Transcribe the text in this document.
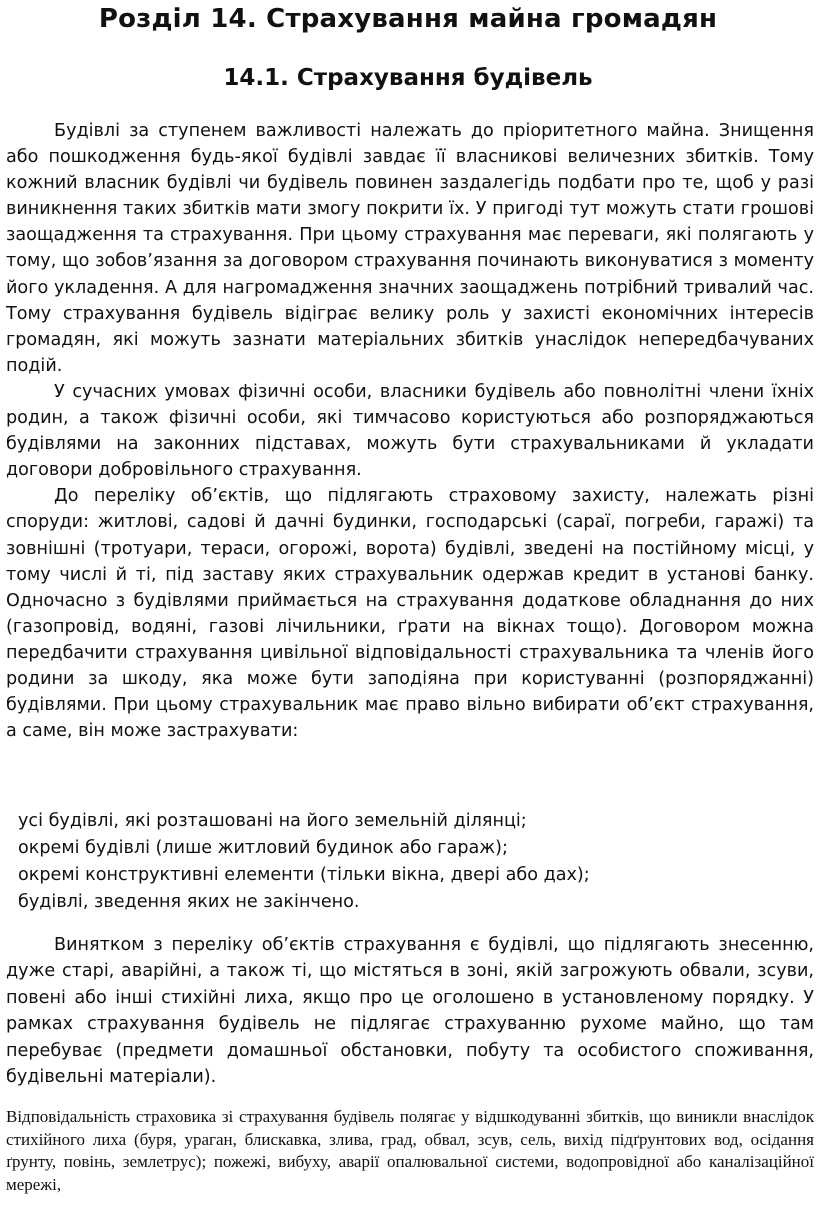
Розділ 14. Страхування майна громадян
14.1. Страхування будівель

Будівлі за ступенем важливості належать до пріоритетного майна. Знищення або пошкодження будь-якої будівлі завдає її власникові величезних збитків. Тому кожний власник будівлі чи будівель повинен заздалегідь подбати про те, щоб у разі виникнення таких збитків мати змогу покрити їх. У пригоді тут можуть стати грошові заощадження та страхування. При цьому страхування має переваги, які полягають у тому, що зобов’язання за договором страхування починають виконуватися з моменту його укладення. А для нагромадження значних заощаджень потрібний тривалий час. Тому страхування будівель відіграє велику роль у захисті економічних інтересів громадян, які можуть зазнати матеріальних збитків унаслідок непередбачуваних подій.

У сучасних умовах фізичні особи, власники будівель або повнолітні члени їхніх родин, а також фізичні особи, які тимчасово користуються або розпоряджаються будівлями на законних підставах, можуть бути страхувальниками й укладати договори добровільного страхування.

До переліку об’єктів, що підлягають страховому захисту, належать різні споруди: житлові, садові й дачні будинки, господарські (сараї, погреби, гаражі) та зовнішні (тротуари, тераси, огорожі, ворота) будівлі, зведені на постійному місці, у тому числі й ті, під заставу яких страхувальник одержав кредит в установі банку. Одночасно з будівлями приймається на страхування додаткове обладнання до них (газопровід, водяні, газові лічильники, ґрати на вікнах тощо). Договором можна передбачити страхування цивільної відповідальності страхувальника та членів його родини за шкоду, яка може бути заподіяна при користуванні (розпоряджанні) будівлями. При цьому страхувальник має право вільно вибирати об’єкт страхування, а саме, він може застрахувати:

усі будівлі, які розташовані на його земельній ділянці;
окремі будівлі (лише житловий будинок або гараж);
окремі конструктивні елементи (тільки вікна, двері або дах);
будівлі, зведення яких не закінчено.

Винятком з переліку об’єктів страхування є будівлі, що підлягають знесенню, дуже старі, аварійні, а також ті, що містяться в зоні, якій загрожують обвали, зсуви, повені або інші стихійні лиха, якщо про це оголошено в установленому порядку. У рамках страхування будівель не підлягає страхуванню рухоме майно, що там перебуває (предмети домашньої обстановки, побуту та особистого споживання, будівельні матеріали).

Відповідальність страховика зі страхування будівель полягає у відшкодуванні збитків, що виникли внаслідок стихійного лиха (буря, ураган, блискавка, злива, град, обвал, зсув, сель, вихід підґрунтових вод, осідання ґрунту, повінь, землетрус); пожежі, вибуху, аварії опалювальної системи, водопровідної або каналізаційної мережі,
